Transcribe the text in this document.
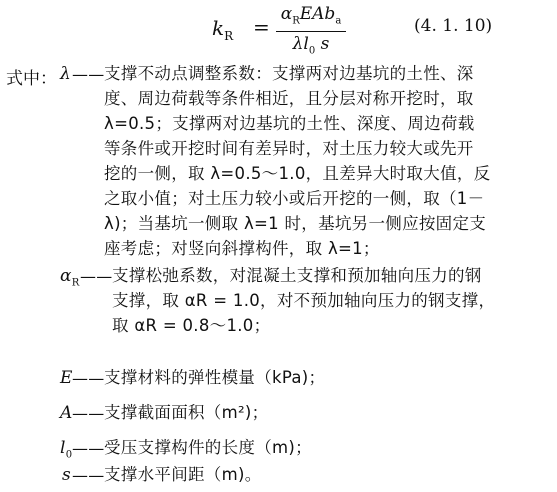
$k_R$ =
$\alpha_REAb_a$
$\lambda l_0$ s
(4. 1. 10)
式中： λ —— 支撑不动点调整系数：支撑两对边基坑的土性、深
度、周边荷载等条件相近，且分层对称开挖时，取
λ=0.5；支撑两对边基坑的土性、深度、周边荷载
等条件或开挖时间有差异时，对土压力较大或先开
挖的一侧，取 λ=0.5～1.0，且差异大时取大值，反
之取小值；对土压力较小或后开挖的一侧，取（1－
λ)；当基坑一侧取 λ=1 时，基坑另一侧应按固定支
座考虑；对竖向斜撑构件，取 λ=1；
$\alpha_R$ —— 支撑松弛系数，对混凝土支撑和预加轴向压力的钢
支撑，取 αR = 1.0，对不预加轴向压力的钢支撑，
取 αR = 0.8～1.0；
E —— 支撑材料的弹性模量（kPa)；
A —— 支撑截面面积（m²)；
$l_0$ —— 受压支撑构件的长度（m)；
s —— 支撑水平间距（m)。
